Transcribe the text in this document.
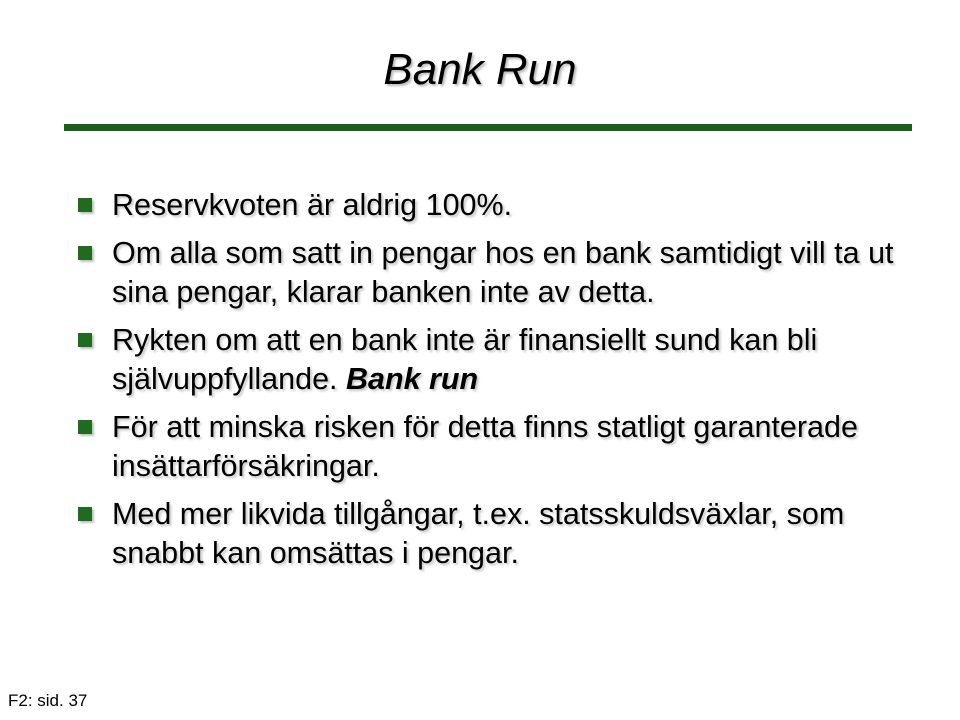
Bank Run
Reservkvoten är aldrig 100%.
Om alla som satt in pengar hos en bank samtidigt vill ta ut sina pengar, klarar banken inte av detta.
Rykten om att en bank inte är finansiellt sund kan bli självuppfyllande. Bank run
För att minska risken för detta finns statligt garanterade insättarförsäkringar.
Med mer likvida tillgångar, t.ex. statsskuldsväxlar, som snabbt kan omsättas i pengar.
F2: sid. 37
